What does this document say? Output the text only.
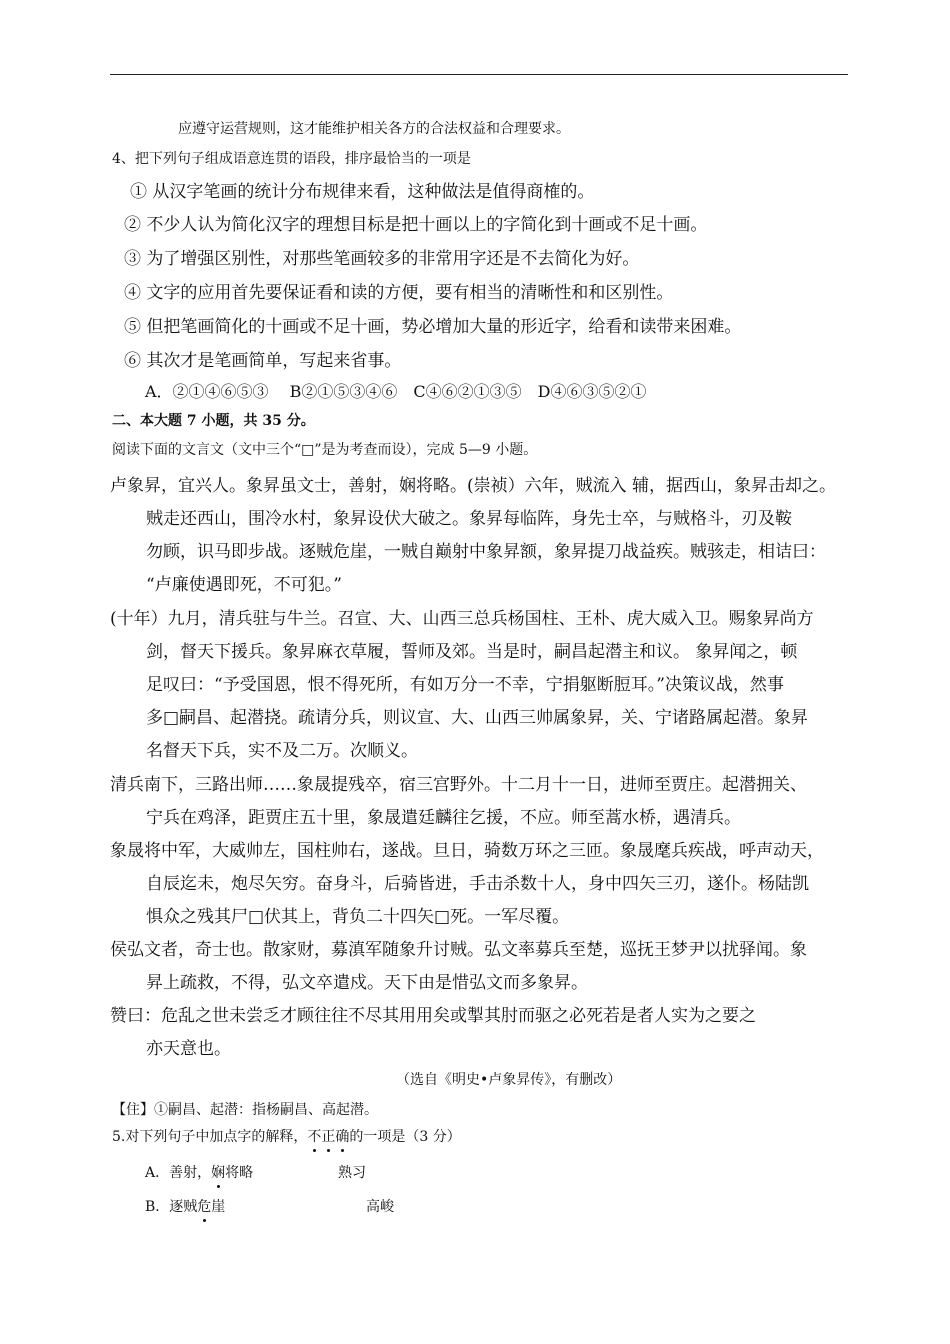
应遵守运营规则，这才能维护相关各方的合法权益和合理要求。
4、把下列句子组成语意连贯的语段，排序最恰当的一项是
① 从汉字笔画的统计分布规律来看，这种做法是值得商榷的。
② 不少人认为简化汉字的理想目标是把十画以上的字简化到十画或不足十画。
③ 为了增强区别性，对那些笔画较多的非常用字还是不去简化为好。
④ 文字的应用首先要保证看和读的方便，要有相当的清晰性和和区别性。
⑤ 但把笔画简化的十画或不足十画，势必增加大量的形近字，给看和读带来困难。
⑥ 其次才是笔画简单，写起来省事。
A．②①④⑥⑤③　 B②①⑤③④⑥　C④⑥②①③⑤　D④⑥③⑤②①
二、本大题 7 小题，共 35 分。
阅读下面的文言文（文中三个“□”是为考查而设），完成 5—9 小题。
卢象昇，宜兴人。象昇虽文士，善射，娴将略。(崇祯）六年，贼流入 辅，据西山，象昇击却之。
贼走还西山，围冷水村，象昇设伏大破之。象昇每临阵，身先士卒，与贼格斗，刃及鞍
勿顾，识马即步战。逐贼危崖，一贼自巅射中象昇额，象昇提刀战益疾。贼骇走，相诘曰：
“卢廉使遇即死，不可犯。”
(十年）九月，清兵驻与牛兰。召宣、大、山西三总兵杨国柱、王朴、虎大威入卫。赐象昇尚方
剑，督天下援兵。象昇麻衣草履，誓师及郊。当是时，嗣昌起潜主和议。 象昇闻之，顿
足叹曰：“予受国恩，恨不得死所，有如万分一不幸，宁捐躯断脰耳。”决策议战，然事
多□嗣昌、起潜挠。疏请分兵，则议宣、大、山西三帅属象昇，关、宁诸路属起潜。象昇
名督天下兵，实不及二万。次顺义。
清兵南下，三路出师……象晟提残卒，宿三宫野外。十二月十一日，进师至贾庄。起潜拥关、
宁兵在鸡泽，距贾庄五十里，象晟遣廷麟往乞援，不应。师至蒿水桥，遇清兵。
象晟将中军，大威帅左，国柱帅右，遂战。旦日，骑数万环之三匝。象晟麾兵疾战，呼声动天，
自辰迄未，炮尽矢穷。奋身斗，后骑皆进，手击杀数十人，身中四矢三刃，遂仆。杨陆凯
惧众之残其尸□伏其上，背负二十四矢□死。一军尽覆。
侯弘文者，奇士也。散家财，募滇军随象升讨贼。弘文率募兵至楚，巡抚王梦尹以扰驿闻。象
昇上疏救，不得，弘文卒遣戍。天下由是惜弘文而多象昇。
赞曰：危乱之世未尝乏才顾往往不尽其用用矣或掣其肘而驱之必死若是者人实为之要之
亦天意也。
（选自《明史•卢象昇传》，有删改）
【住】①嗣昌、起潜：指杨嗣昌、高起潜。
5.对下列句子中加点字的解释，不正确的一项是（3 分）
A．善射，娴将略	熟习
B．逐贼危崖	高峻
